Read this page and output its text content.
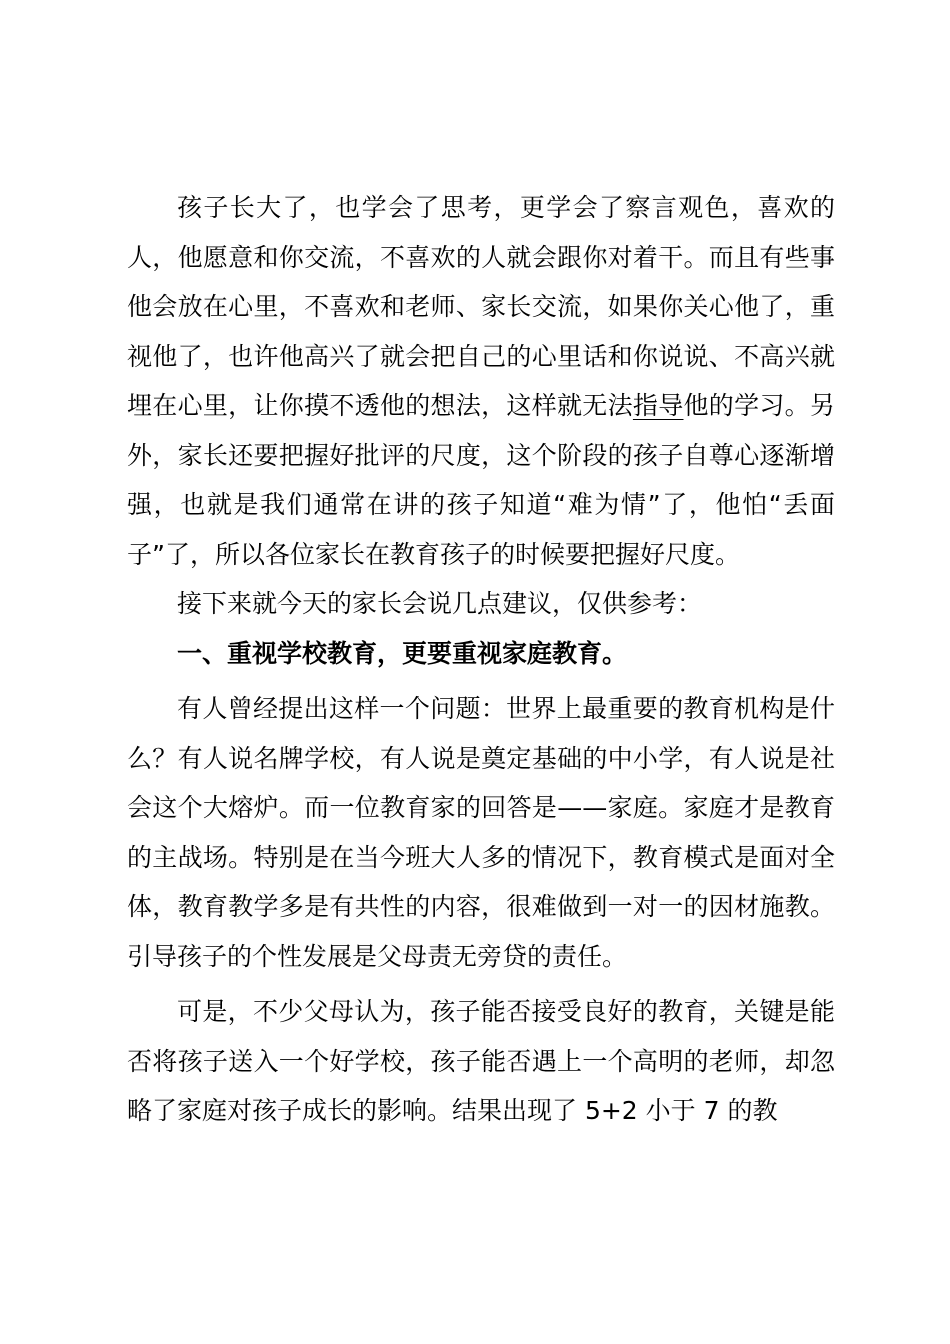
孩子长大了，也学会了思考，更学会了察言观色，喜欢的人，他愿意和你交流，不喜欢的人就会跟你对着干。而且有些事他会放在心里，不喜欢和老师、家长交流，如果你关心他了，重视他了，也许他高兴了就会把自己的心里话和你说说、不高兴就埋在心里，让你摸不透他的想法，这样就无法指导他的学习。另外，家长还要把握好批评的尺度，这个阶段的孩子自尊心逐渐增强，也就是我们通常在讲的孩子知道“难为情”了，他怕“丢面子”了，所以各位家长在教育孩子的时候要把握好尺度。

接下来就今天的家长会说几点建议，仅供参考：

一、重视学校教育，更要重视家庭教育。

有人曾经提出这样一个问题：世界上最重要的教育机构是什么？有人说名牌学校，有人说是奠定基础的中小学，有人说是社会这个大熔炉。而一位教育家的回答是——家庭。家庭才是教育的主战场。特别是在当今班大人多的情况下，教育模式是面对全体，教育教学多是有共性的内容，很难做到一对一的因材施教。引导孩子的个性发展是父母责无旁贷的责任。

可是，不少父母认为，孩子能否接受良好的教育，关键是能否将孩子送入一个好学校，孩子能否遇上一个高明的老师，却忽略了家庭对孩子成长的影响。结果出现了 5+2 小于 7 的教
